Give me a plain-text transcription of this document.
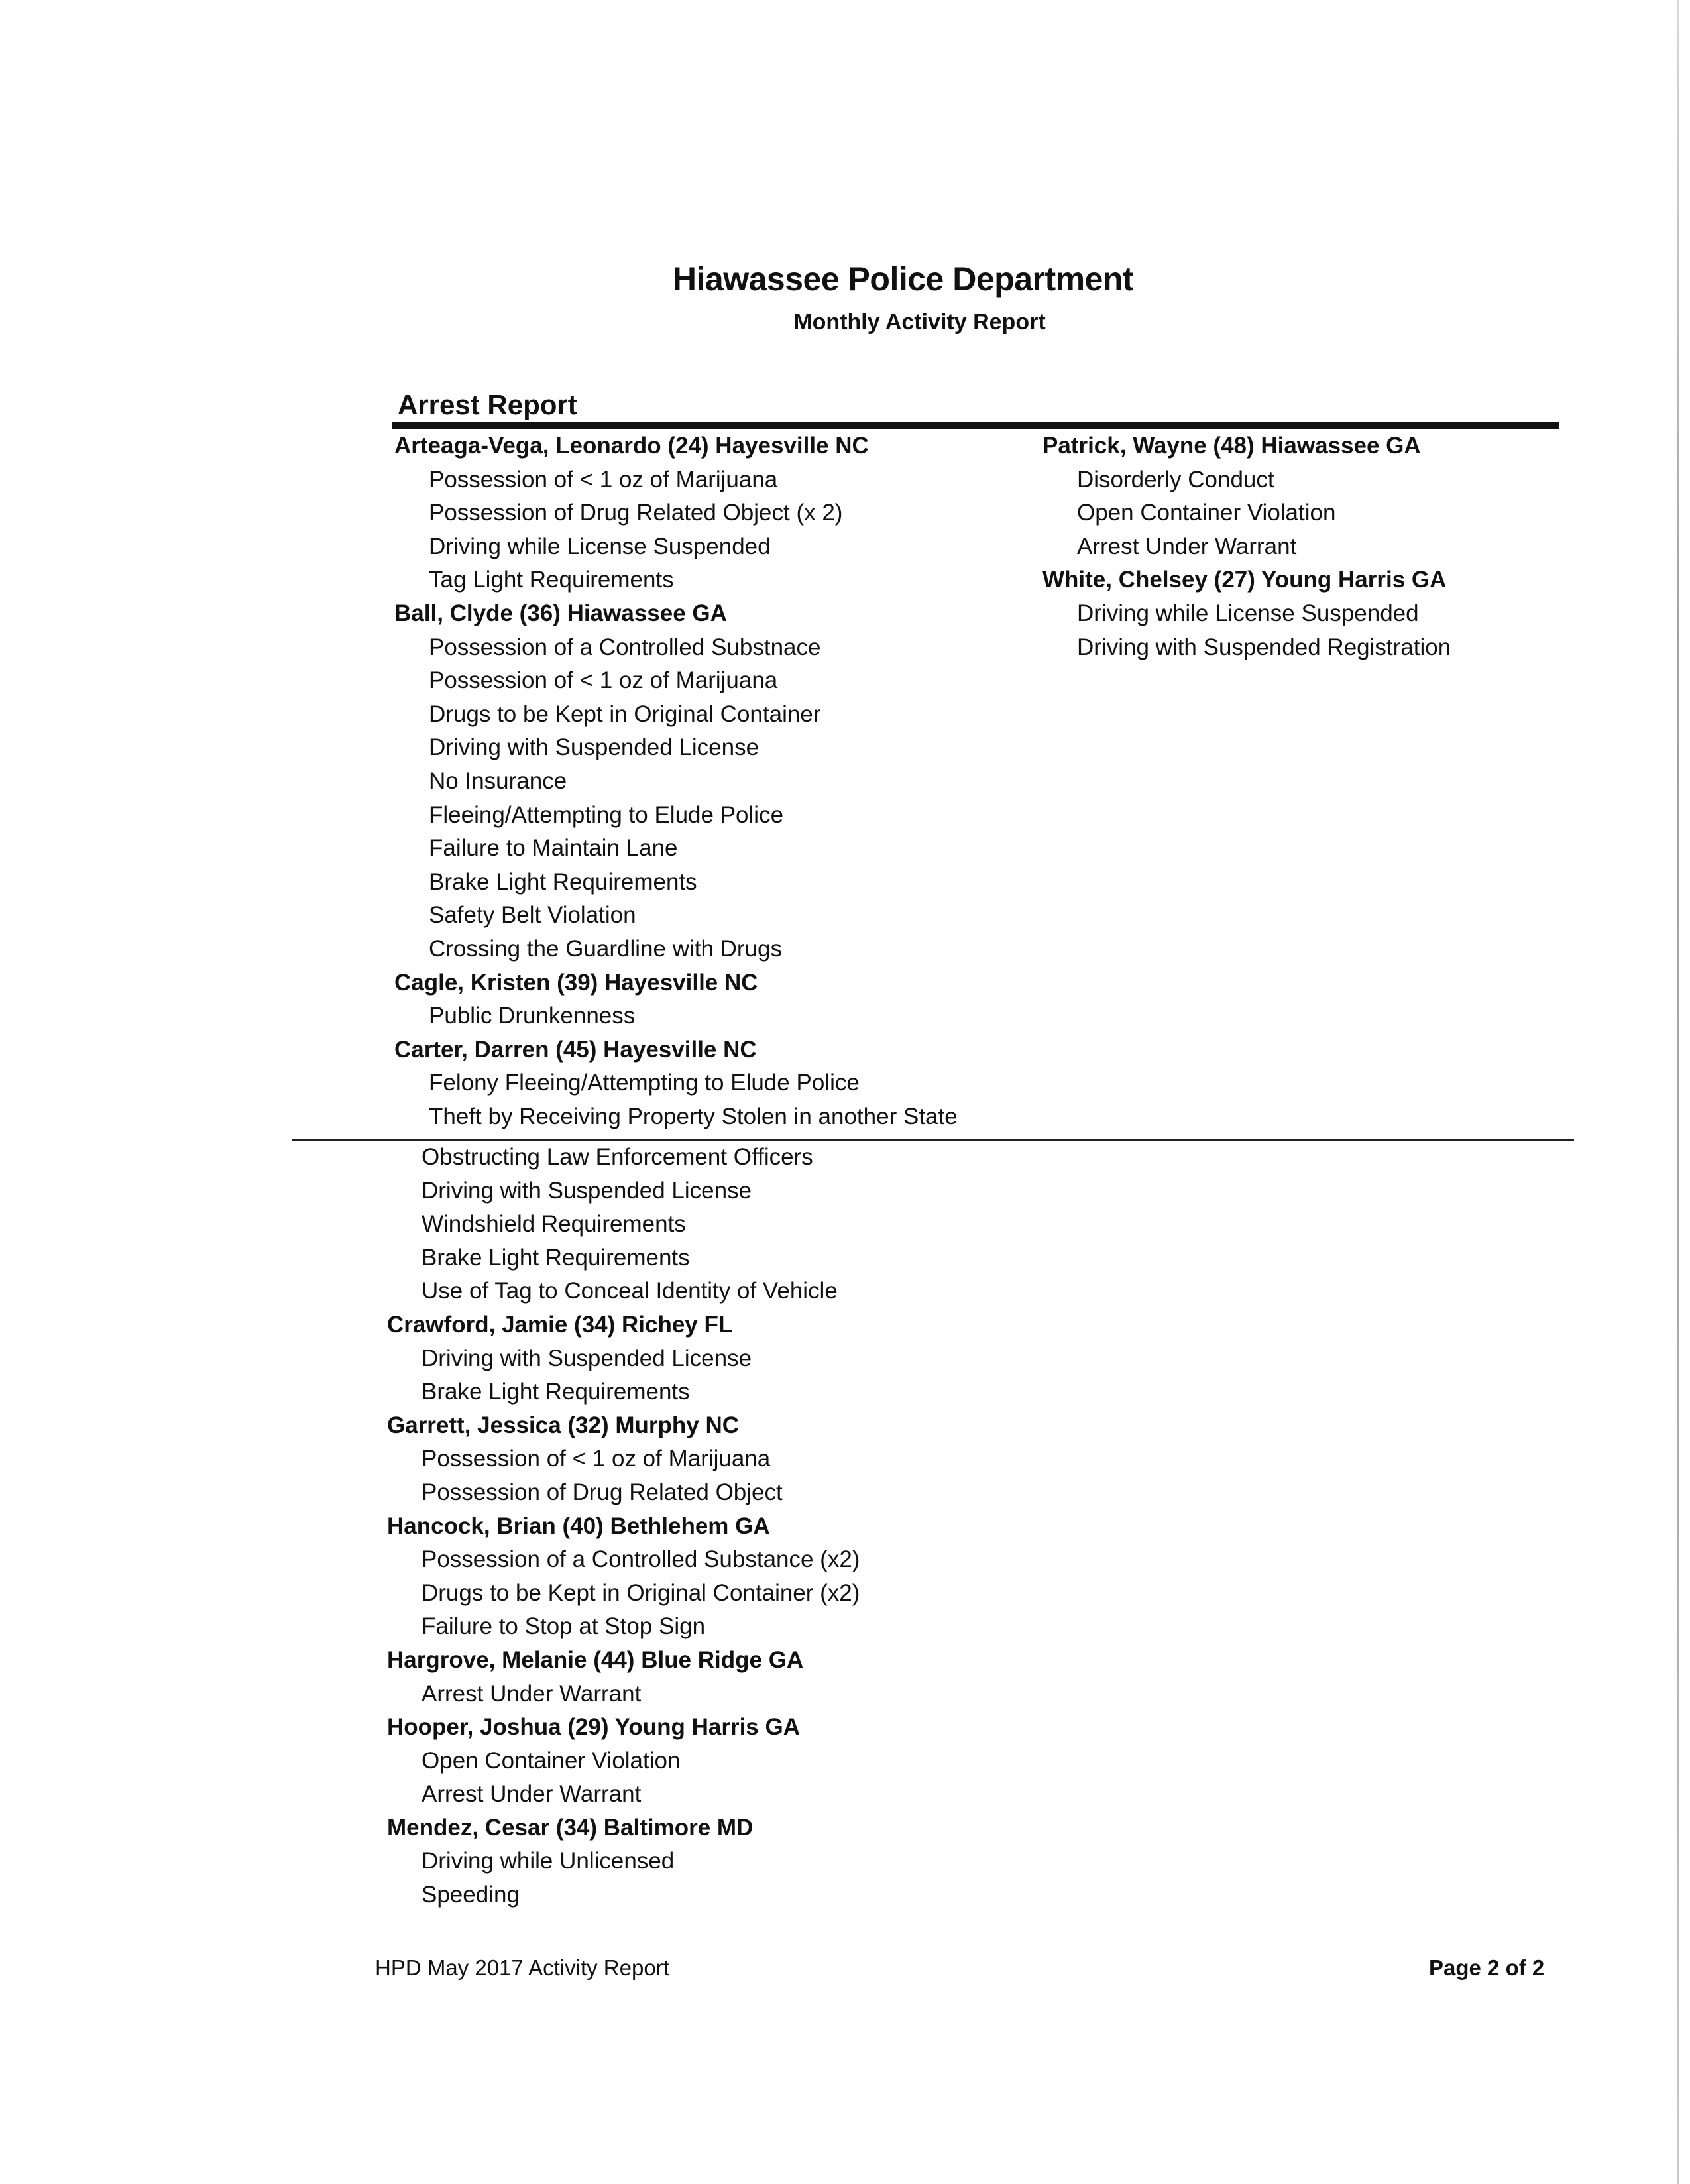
Hiawassee Police Department
Monthly Activity Report
Arrest Report
Arteaga-Vega, Leonardo (24) Hayesville NC
Possession of < 1 oz of Marijuana
Possession of Drug Related Object (x 2)
Driving while License Suspended
Tag Light Requirements
Ball, Clyde (36) Hiawassee GA
Possession of a Controlled Substnace
Possession of < 1 oz of Marijuana
Drugs to be Kept in Original Container
Driving with Suspended License
No Insurance
Fleeing/Attempting to Elude Police
Failure to Maintain Lane
Brake Light Requirements
Safety Belt Violation
Crossing the Guardline with Drugs
Cagle, Kristen (39) Hayesville NC
Public Drunkenness
Carter, Darren (45) Hayesville NC
Felony Fleeing/Attempting to Elude Police
Theft by Receiving Property Stolen in another State
Obstructing Law Enforcement Officers
Driving with Suspended License
Windshield Requirements
Brake Light Requirements
Use of Tag to Conceal Identity of Vehicle
Crawford, Jamie (34) Richey FL
Driving with Suspended License
Brake Light Requirements
Garrett, Jessica (32) Murphy NC
Possession of < 1 oz of Marijuana
Possession of Drug Related Object
Hancock, Brian (40) Bethlehem GA
Possession of a Controlled Substance (x2)
Drugs to be Kept in Original Container (x2)
Failure to Stop at Stop Sign
Hargrove, Melanie (44) Blue Ridge GA
Arrest Under Warrant
Hooper, Joshua (29) Young Harris GA
Open Container Violation
Arrest Under Warrant
Mendez, Cesar (34) Baltimore MD
Driving while Unlicensed
Speeding
Patrick, Wayne (48) Hiawassee GA
Disorderly Conduct
Open Container Violation
Arrest Under Warrant
White, Chelsey (27) Young Harris GA
Driving while License Suspended
Driving with Suspended Registration
HPD May 2017 Activity Report	Page 2 of 2
